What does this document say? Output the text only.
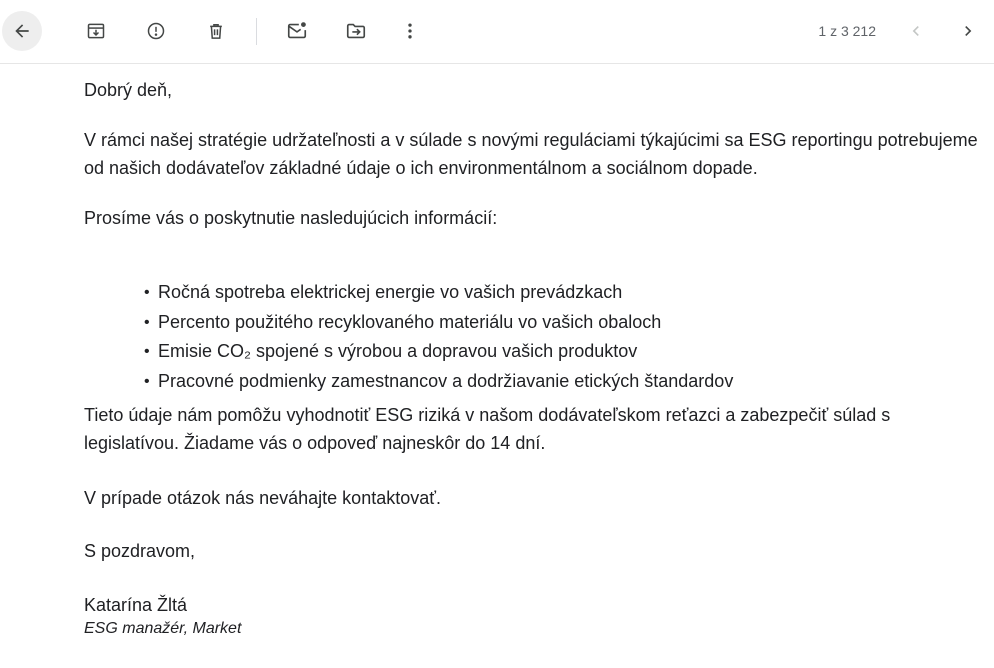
1 z 3 212

Dobrý deň,

V rámci našej stratégie udržateľnosti a v súlade s novými reguláciami týkajúcimi sa ESG reportingu potrebujeme od našich dodávateľov základné údaje o ich environmentálnom a sociálnom dopade.

Prosíme vás o poskytnutie nasledujúcich informácií:

• Ročná spotreba elektrickej energie vo vašich prevádzkach
• Percento použitého recyklovaného materiálu vo vašich obaloch
• Emisie CO₂ spojené s výrobou a dopravou vašich produktov
• Pracovné podmienky zamestnancov a dodržiavanie etických štandardov

Tieto údaje nám pomôžu vyhodnotiť ESG riziká v našom dodávateľskom reťazci a zabezpečiť súlad s legislatívou. Žiadame vás o odpoveď najneskôr do 14 dní.

V prípade otázok nás neváhajte kontaktovať.

S pozdravom,

Katarína Žltá

ESG manažér, Market
